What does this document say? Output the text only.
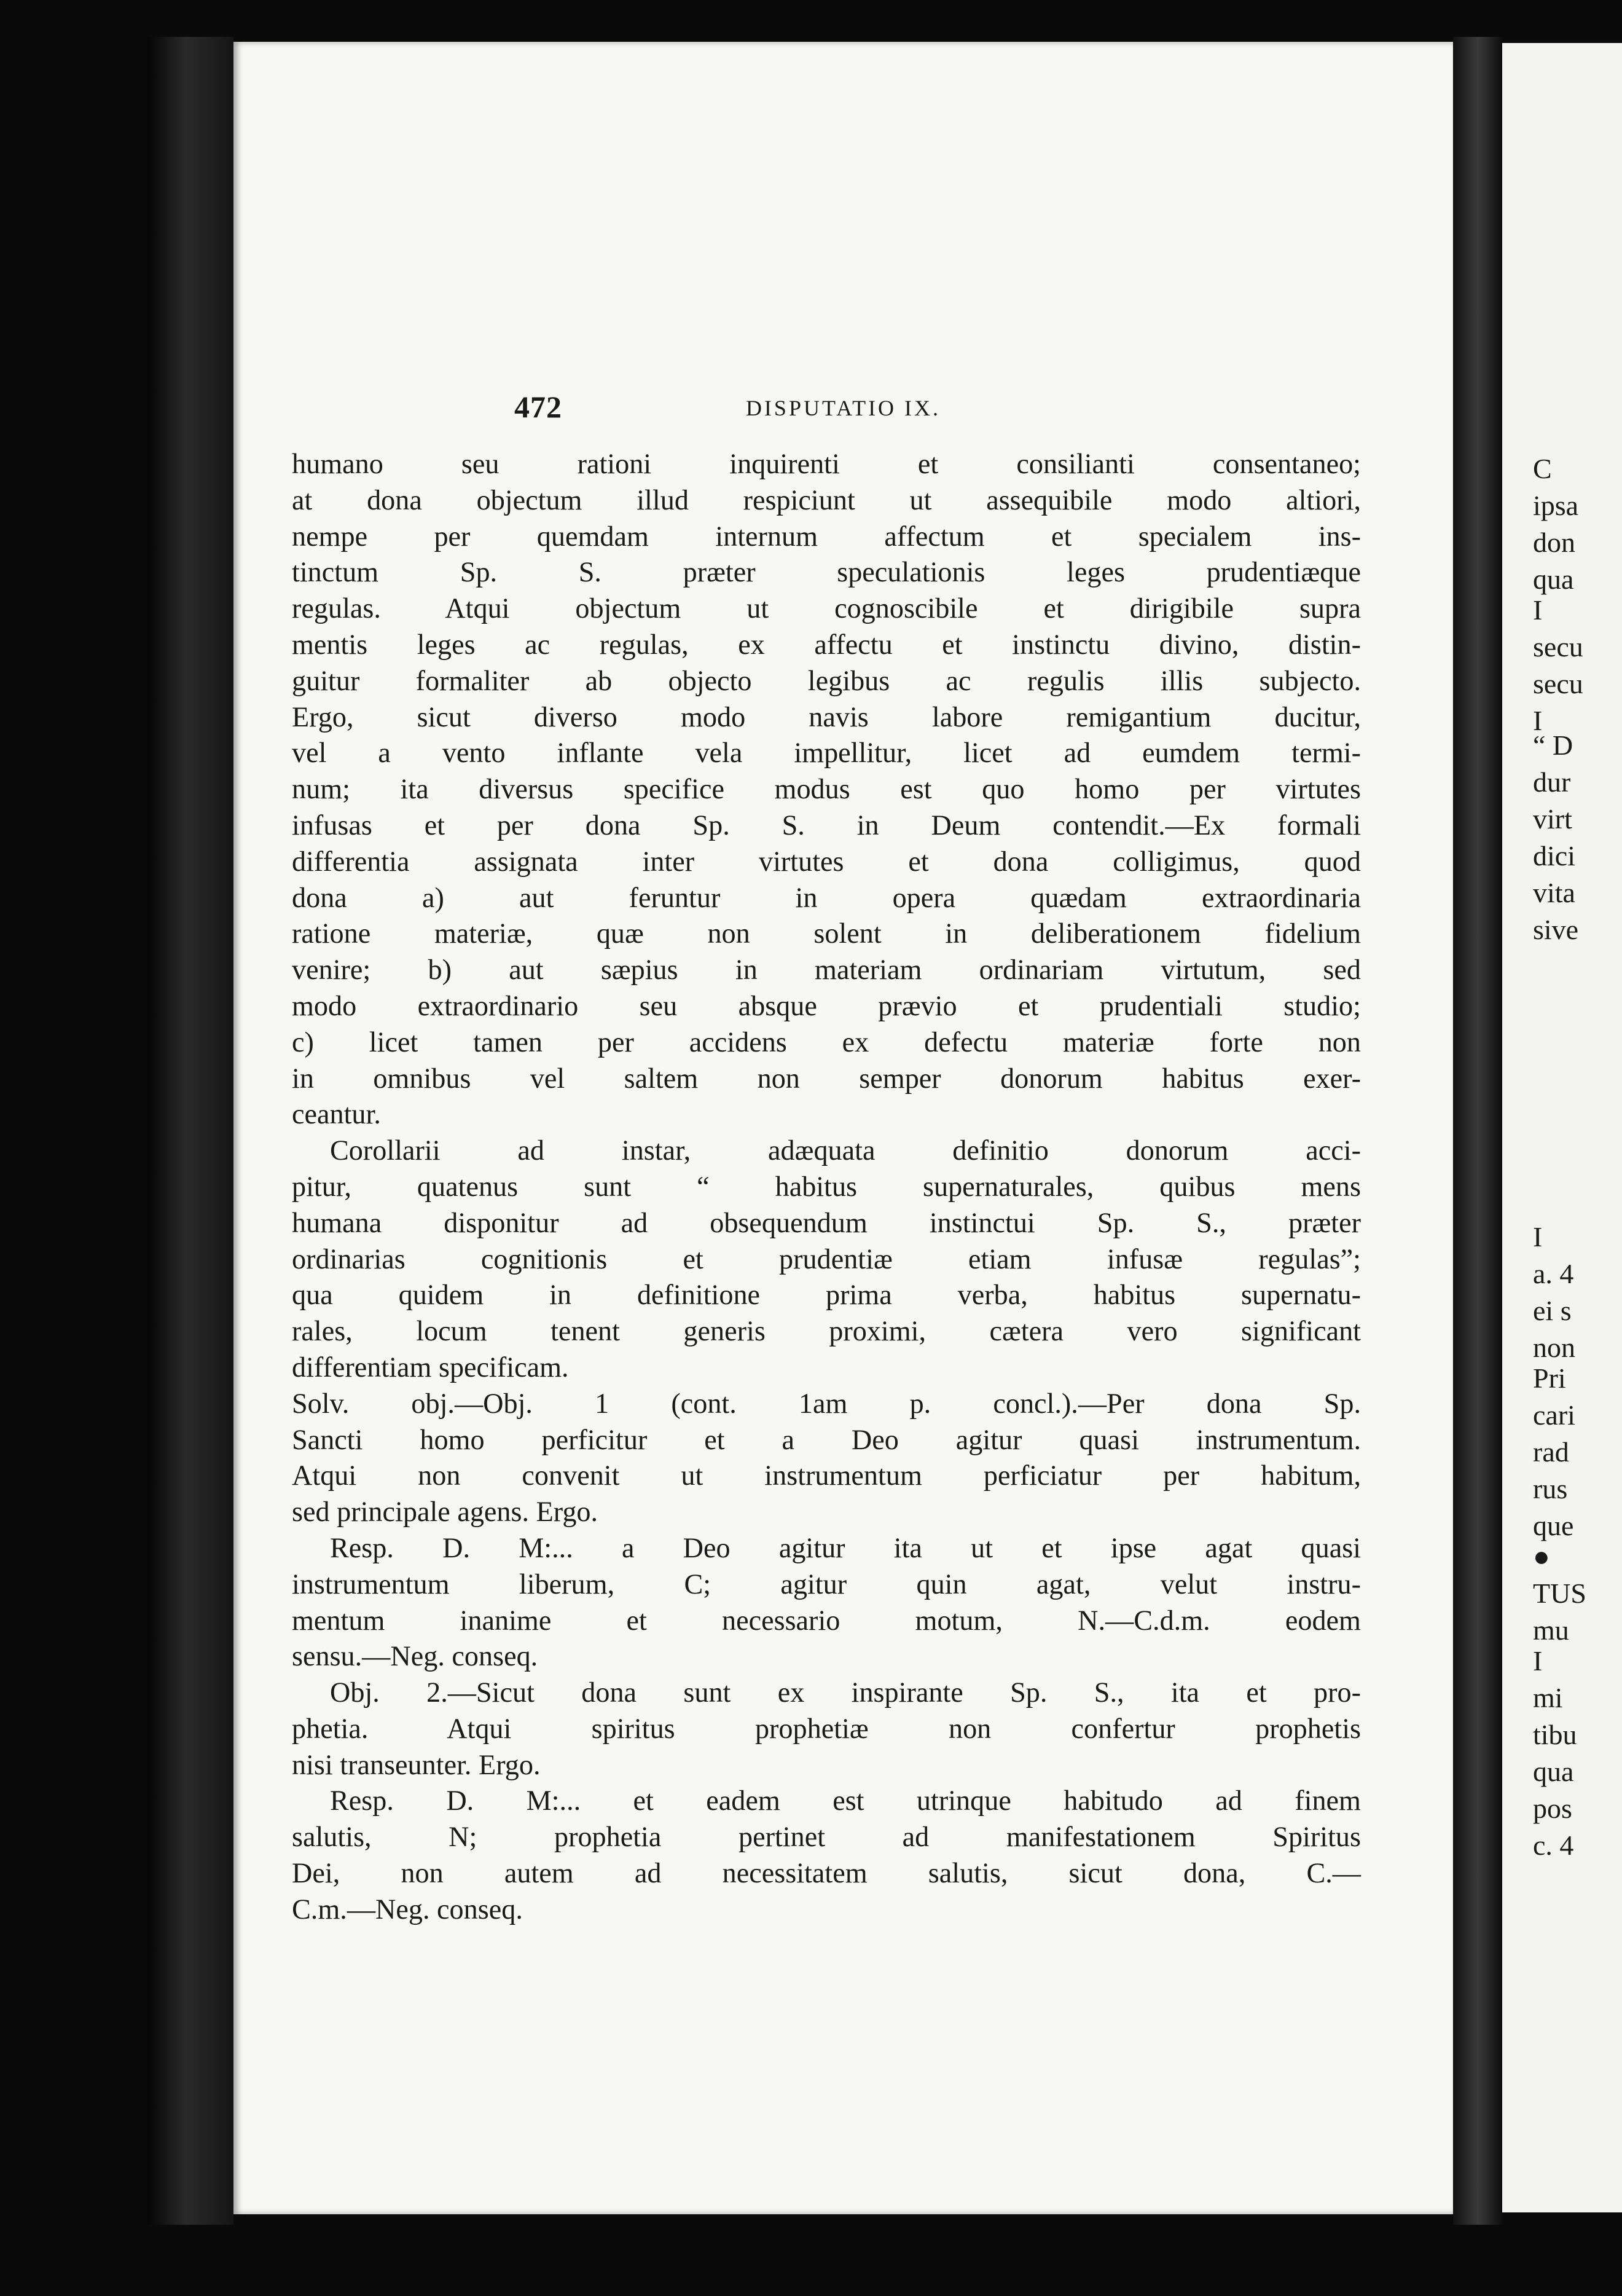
472	DISPUTATIO IX.
humano seu rationi inquirenti et consilianti consentaneo;
at dona objectum illud respiciunt ut assequibile modo altiori,
nempe per quemdam internum affectum et specialem ins-
tinctum Sp. S. præter speculationis leges prudentiæque
regulas. Atqui objectum ut cognoscibile et dirigibile supra
mentis leges ac regulas, ex affectu et instinctu divino, distin-
guitur formaliter ab objecto legibus ac regulis illis subjecto.
Ergo, sicut diverso modo navis labore remigantium ducitur,
vel a vento inflante vela impellitur, licet ad eumdem termi-
num; ita diversus specifice modus est quo homo per virtutes
infusas et per dona Sp. S. in Deum contendit.—Ex formali
differentia assignata inter virtutes et dona colligimus, quod
dona a) aut feruntur in opera quædam extraordinaria
ratione materiæ, quæ non solent in deliberationem fidelium
venire; b) aut sæpius in materiam ordinariam virtutum, sed
modo extraordinario seu absque prævio et prudentiali studio;
c) licet tamen per accidens ex defectu materiæ forte non
in omnibus vel saltem non semper donorum habitus exer-
ceantur.
Corollarii ad instar, adæquata definitio donorum acci-
pitur, quatenus sunt “ habitus supernaturales, quibus mens
humana disponitur ad obsequendum instinctui Sp. S., præter
ordinarias cognitionis et prudentiæ etiam infusæ regulas”;
qua quidem in definitione prima verba, habitus supernatu-
rales, locum tenent generis proximi, cætera vero significant
differentiam specificam.
Solv. obj.—Obj. 1 (cont. 1am p. concl.).—Per dona Sp.
Sancti homo perficitur et a Deo agitur quasi instrumentum.
Atqui non convenit ut instrumentum perficiatur per habitum,
sed principale agens. Ergo.
Resp. D. M:... a Deo agitur ita ut et ipse agat quasi
instrumentum liberum, C; agitur quin agat, velut instru-
mentum inanime et necessario motum, N.—C.d.m. eodem
sensu.—Neg. conseq.
Obj. 2.—Sicut dona sunt ex inspirante Sp. S., ita et pro-
phetia. Atqui spiritus prophetiæ non confertur prophetis
nisi transeunter. Ergo.
Resp. D. M:... et eadem est utrinque habitudo ad finem
salutis, N; prophetia pertinet ad manifestationem Spiritus
Dei, non autem ad necessitatem salutis, sicut dona, C.—
C.m.—Neg. conseq.
C
ipsa
don
qua
I
secu
secu
I
“ D
dur
virt
dici
vita
sive
I
a. 4
ei s
non
Pri
cari
rad
rus
que
●
TUS
mu
I
mi
tibu
qua
pos
c. 4
